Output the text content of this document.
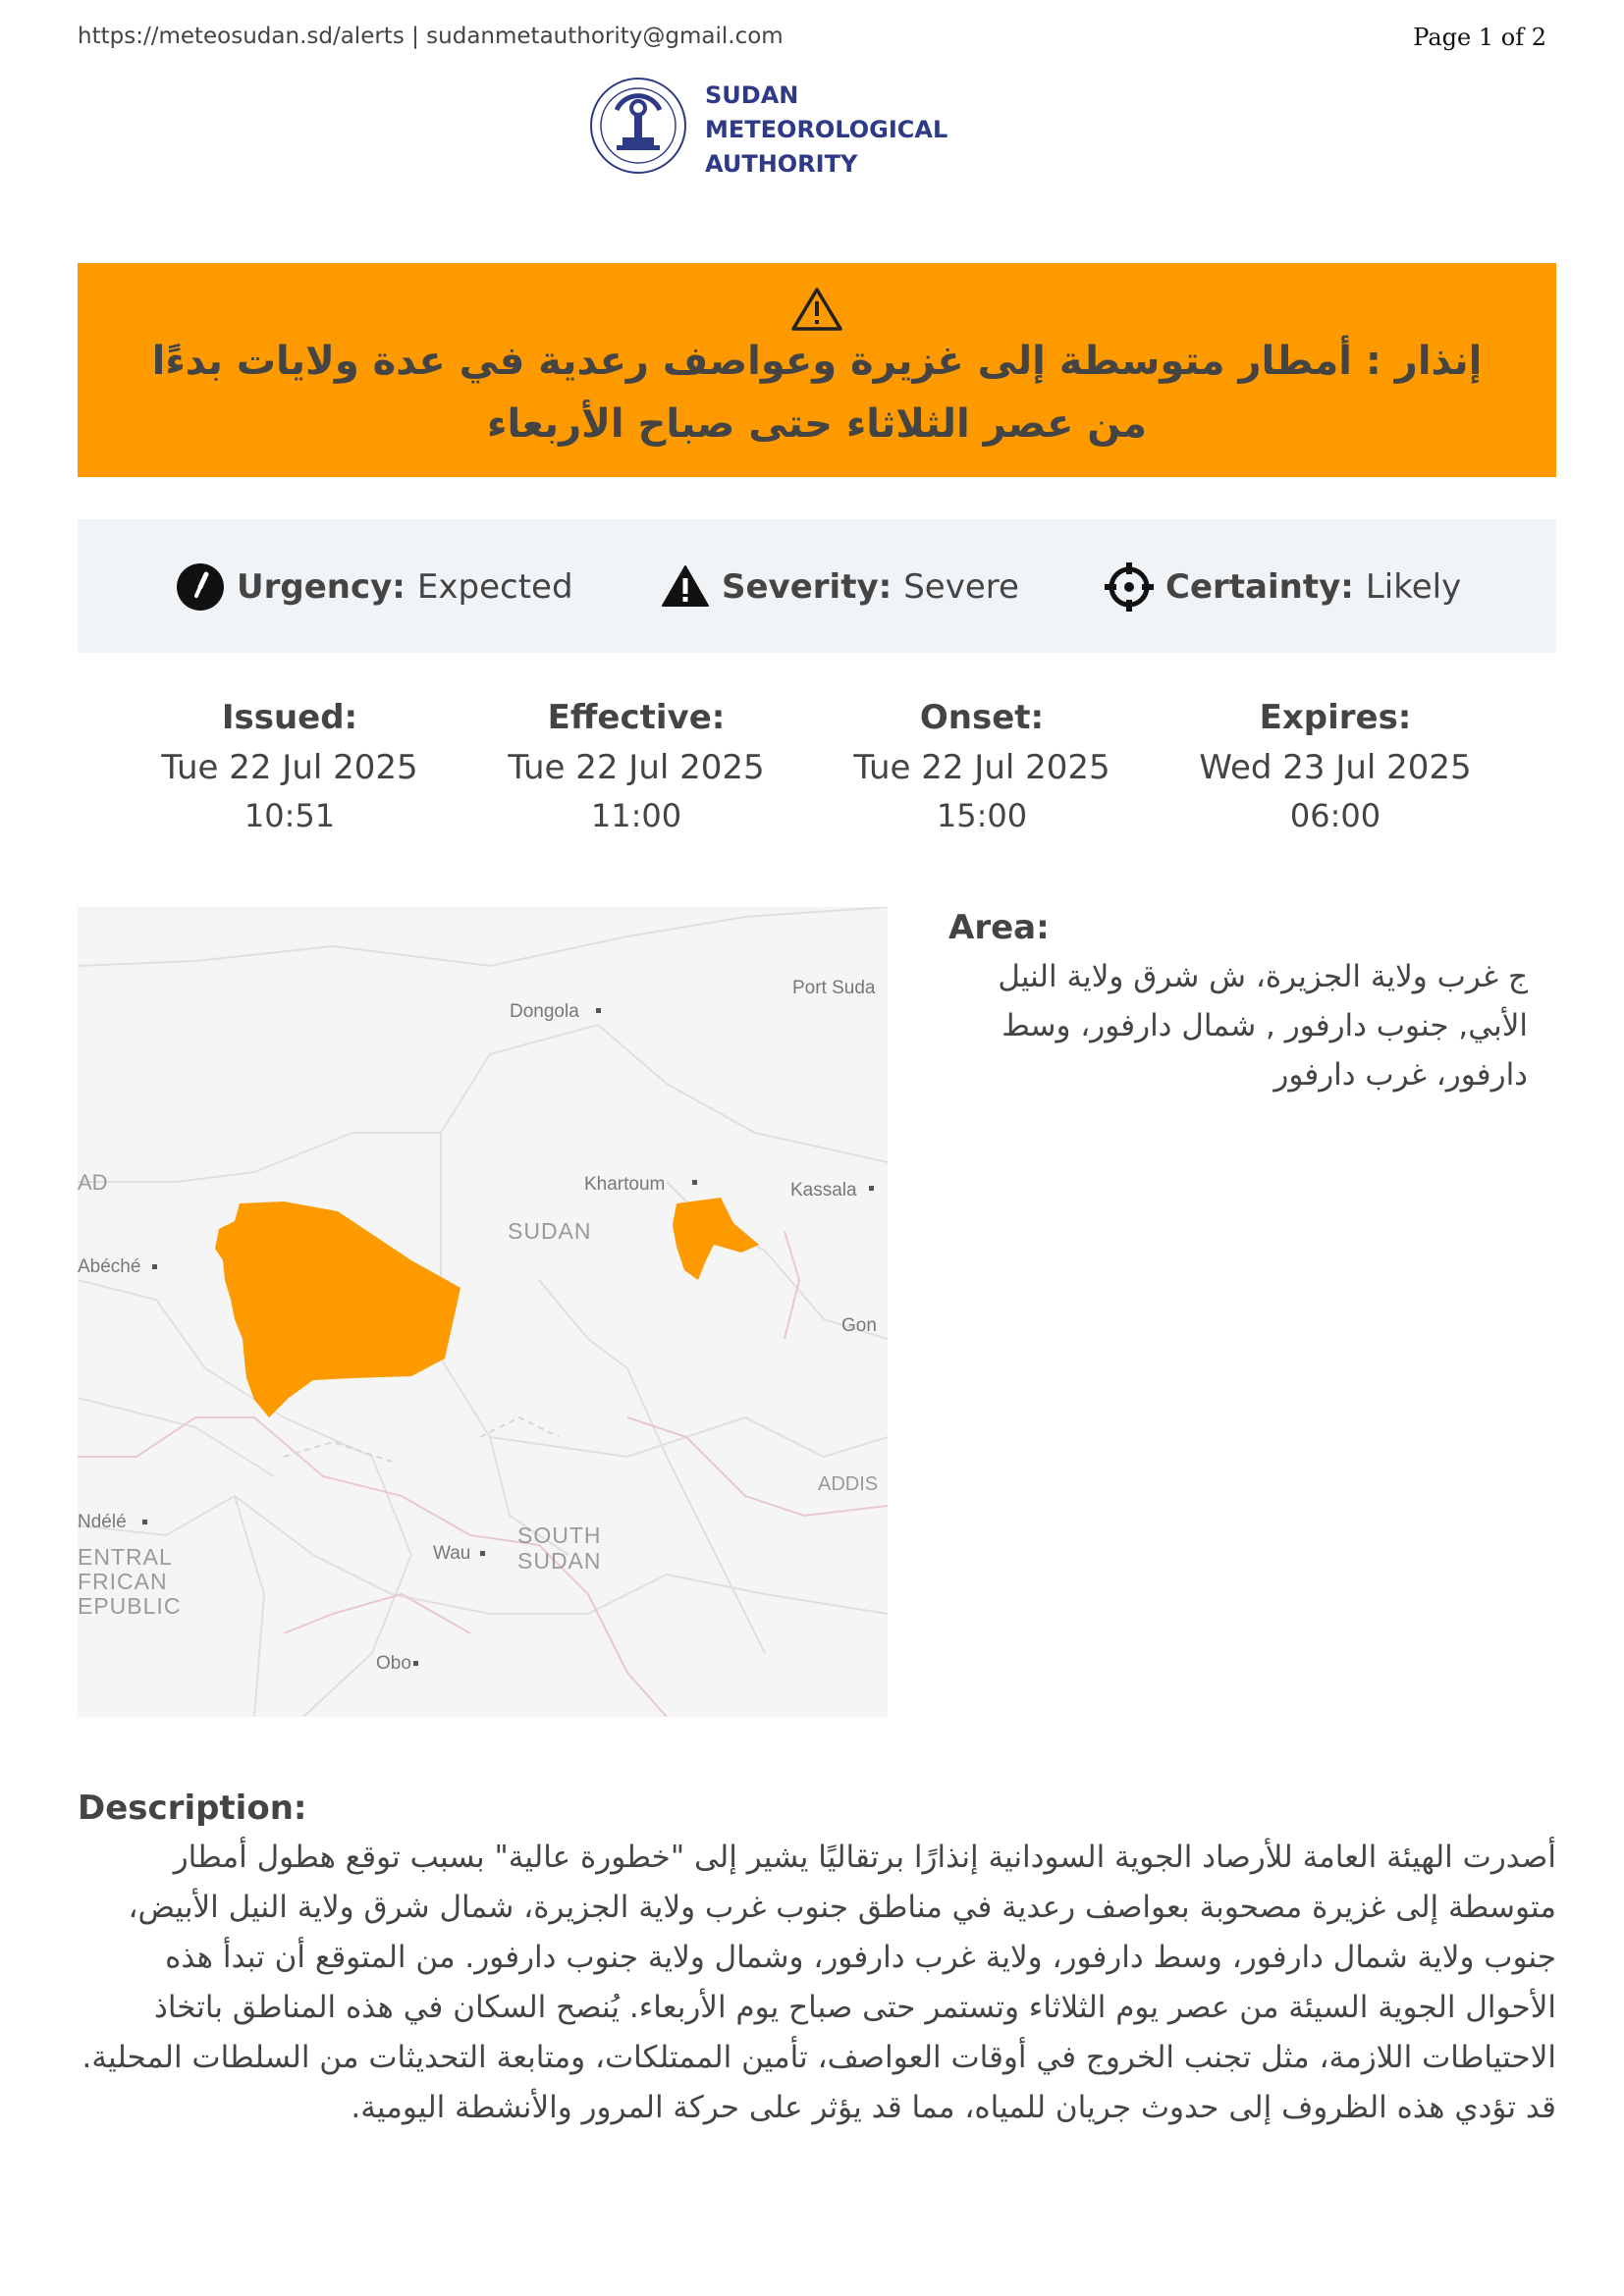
https://meteosudan.sd/alerts | sudanmetauthority@gmail.com	Page 1 of 2
SUDAN
METEOROLOGICAL
AUTHORITY
إنذار : أمطار متوسطة إلى غزيرة وعواصف رعدية في عدة ولايات بدءًا من عصر الثلاثاء حتى صباح الأربعاء
Urgency: Expected	Severity: Severe	Certainty: Likely
Issued:
Tue 22 Jul 2025
10:51
Effective:
Tue 22 Jul 2025
11:00
Onset:
Tue 22 Jul 2025
15:00
Expires:
Wed 23 Jul 2025
06:00
Dongola
Port Suda
Khartoum	Kassala
AD
Abéché
Gon
ADDIS
Ndélé
Wau
Obo
SUDAN
ENTRAL
FRICAN
EPUBLIC
SOUTH
SUDAN
Area:
ج غرب ولاية الجزيرة، ش شرق ولاية النيل الأبي, جنوب دارفور , شمال دارفور، وسط دارفور، غرب دارفور
Description:
أصدرت الهيئة العامة للأرصاد الجوية السودانية إنذارًا برتقاليًا يشير إلى "خطورة عالية" بسبب توقع هطول أمطار متوسطة إلى غزيرة مصحوبة بعواصف رعدية في مناطق جنوب غرب ولاية الجزيرة، شمال شرق ولاية النيل الأبيض، جنوب ولاية شمال دارفور، وسط دارفور، ولاية غرب دارفور، وشمال ولاية جنوب دارفور. من المتوقع أن تبدأ هذه الأحوال الجوية السيئة من عصر يوم الثلاثاء وتستمر حتى صباح يوم الأربعاء. يُنصح السكان في هذه المناطق باتخاذ الاحتياطات اللازمة، مثل تجنب الخروج في أوقات العواصف، تأمين الممتلكات، ومتابعة التحديثات من السلطات المحلية. قد تؤدي هذه الظروف إلى حدوث جريان للمياه، مما قد يؤثر على حركة المرور والأنشطة اليومية.
